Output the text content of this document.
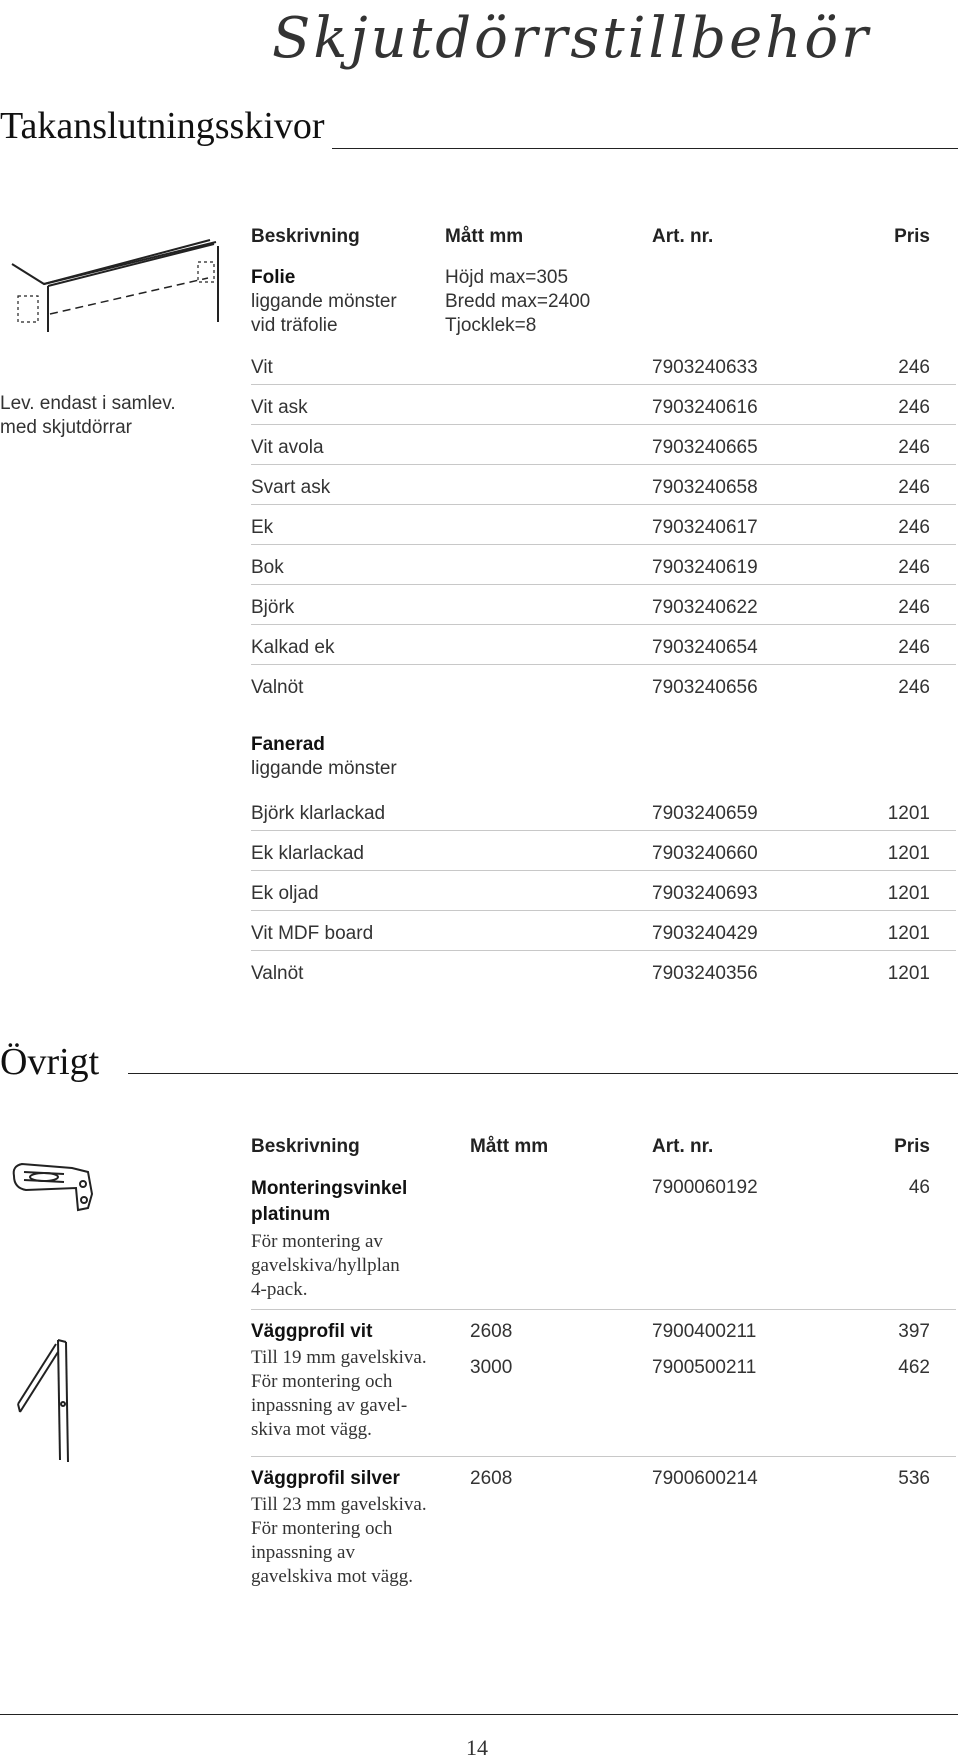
Skjutdörrstillbehör
Takanslutningsskivor
Lev. endast i samlev.
med skjutdörrar
Beskrivning	Mått mm	Art. nr.	Pris
Folie
liggande mönster
vid träfolie
Höjd max=305
Bredd max=2400
Tjocklek=8
Vit	7903240633	246
Vit ask	7903240616	246
Vit avola	7903240665	246
Svart ask	7903240658	246
Ek	7903240617	246
Bok	7903240619	246
Björk	7903240622	246
Kalkad ek	7903240654	246
Valnöt	7903240656	246
Fanerad
liggande mönster
Björk klarlackad	7903240659	1201
Ek klarlackad	7903240660	1201
Ek oljad	7903240693	1201
Vit MDF board	7903240429	1201
Valnöt	7903240356	1201
Övrigt
Beskrivning	Mått mm	Art. nr.	Pris
Monteringsvinkel
platinum
För montering av
gavelskiva/hyllplan
4-pack.
7900060192	46
Väggprofil vit
Till 19 mm gavelskiva.
För montering och
inpassning av gavel-
skiva mot vägg.
2608	7900400211	397
3000	7900500211	462
Väggprofil silver
Till 23 mm gavelskiva.
För montering och
inpassning av
gavelskiva mot vägg.
2608	7900600214	536
14
